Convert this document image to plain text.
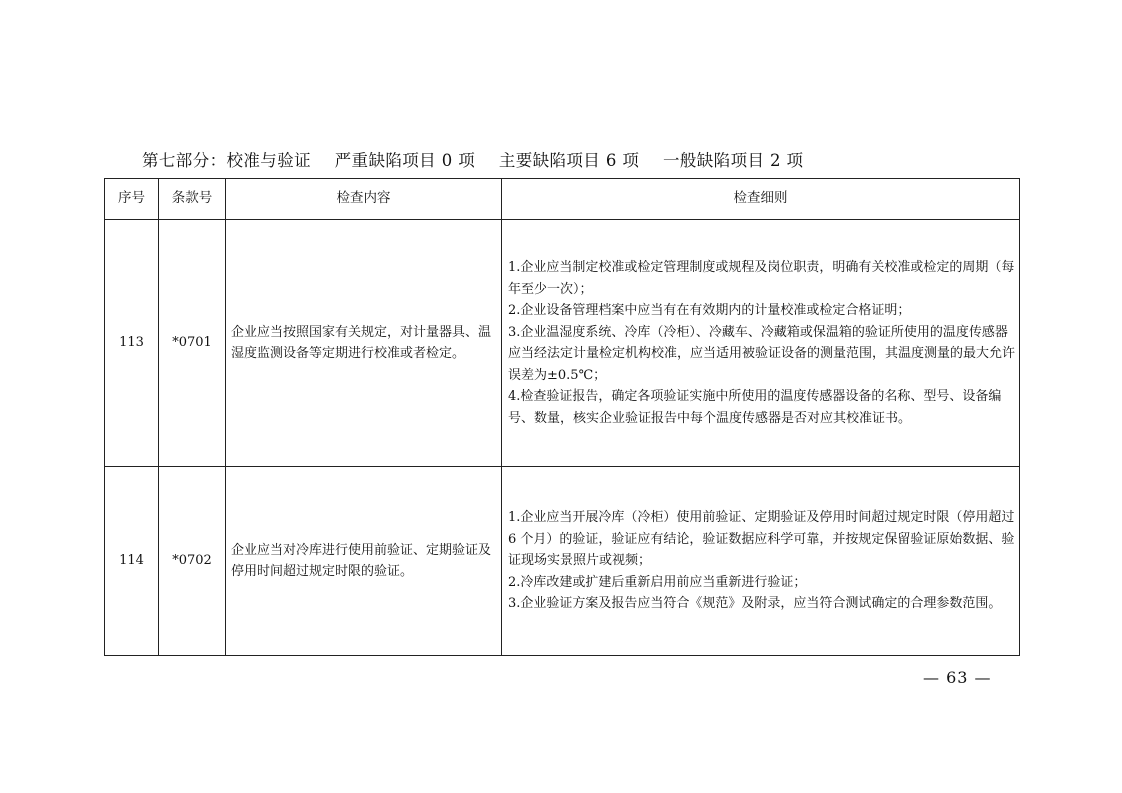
第七部分：校准与验证 严重缺陷项目 0 项 主要缺陷项目 6 项 一般缺陷项目 2 项
序号	条款号	检查内容	检查细则
113	*0701	企业应当按照国家有关规定，对计量器具、温湿度监测设备等定期进行校准或者检定。	1.企业应当制定校准或检定管理制度或规程及岗位职责，明确有关校准或检定的周期（每年至少一次）；
2.企业设备管理档案中应当有在有效期内的计量校准或检定合格证明；
3.企业温湿度系统、冷库（冷柜）、冷藏车、冷藏箱或保温箱的验证所使用的温度传感器应当经法定计量检定机构校准，应当适用被验证设备的测量范围，其温度测量的最大允许误差为±0.5℃；
4.检查验证报告，确定各项验证实施中所使用的温度传感器设备的名称、型号、设备编号、数量，核实企业验证报告中每个温度传感器是否对应其校准证书。

114	*0702	企业应当对冷库进行使用前验证、定期验证及停用时间超过规定时限的验证。	1.企业应当开展冷库（冷柜）使用前验证、定期验证及停用时间超过规定时限（停用超过 6 个月）的验证，验证应有结论，验证数据应科学可靠，并按规定保留验证原始数据、验证现场实景照片或视频；
2.冷库改建或扩建后重新启用前应当重新进行验证；
3.企业验证方案及报告应当符合《规范》及附录，应当符合测试确定的合理参数范围。
— 63 —
